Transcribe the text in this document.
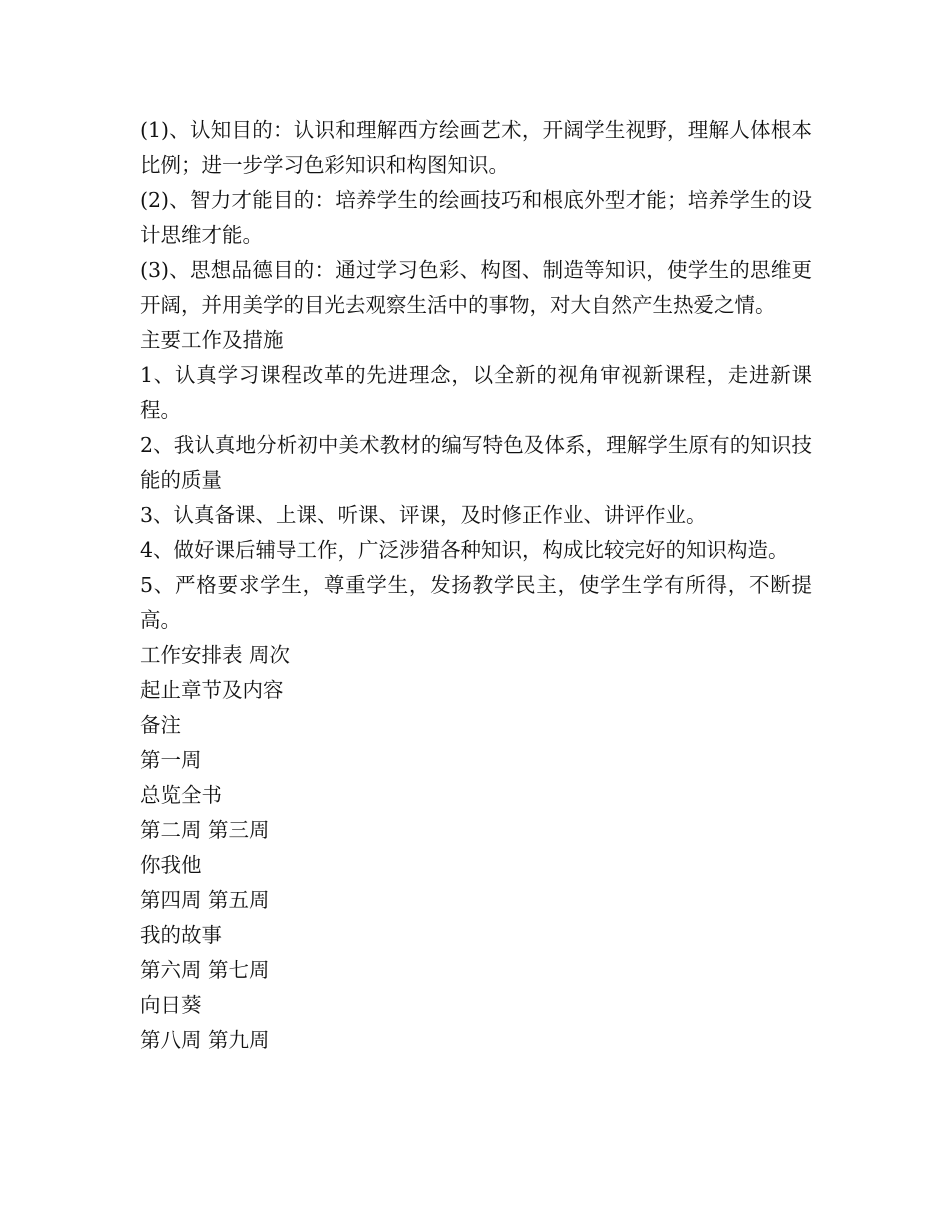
(1)、认知目的：认识和理解西方绘画艺术，开阔学生视野，理解人体根本比例；进一步学习色彩知识和构图知识。

(2)、智力才能目的：培养学生的绘画技巧和根底外型才能；培养学生的设计思维才能。

(3)、思想品德目的：通过学习色彩、构图、制造等知识，使学生的思维更开阔，并用美学的目光去观察生活中的事物，对大自然产生热爱之情。

主要工作及措施

1、认真学习课程改革的先进理念，以全新的视角审视新课程，走进新课程。

2、我认真地分析初中美术教材的编写特色及体系，理解学生原有的知识技能的质量

3、认真备课、上课、听课、评课，及时修正作业、讲评作业。

4、做好课后辅导工作，广泛涉猎各种知识，构成比较完好的知识构造。

5、严格要求学生，尊重学生，发扬教学民主，使学生学有所得，不断提高。

工作安排表 周次

起止章节及内容

备注

第一周

总览全书

第二周 第三周

你我他

第四周 第五周

我的故事

第六周 第七周

向日葵

第八周 第九周
